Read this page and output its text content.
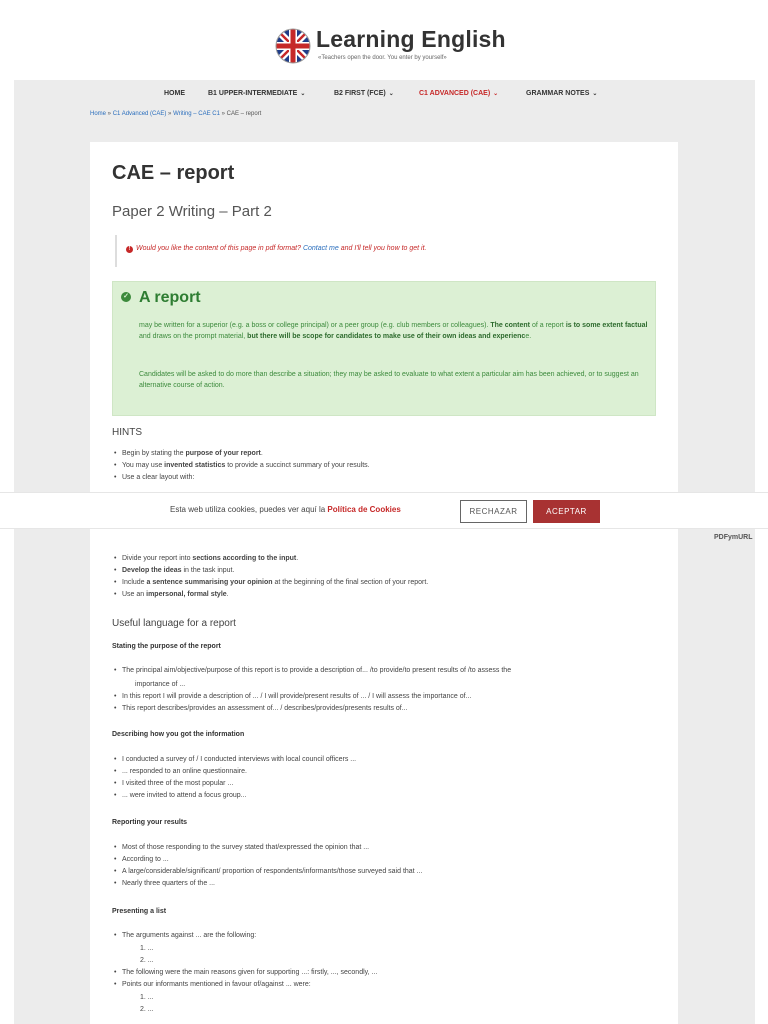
Learning English
«Teachers open the door. You enter by yourself»
HOME	B1 UPPER-INTERMEDIATE ⌄	B2 FIRST (FCE) ⌄	C1 ADVANCED (CAE) ⌄	GRAMMAR NOTES ⌄
Home » C1 Advanced (CAE) » Writing – CAE C1 » CAE – report
CAE – report
Paper 2 Writing – Part 2
! Would you like the content of this page in pdf format? Contact me and I'll tell you how to get it.
✓ A report
may be written for a superior (e.g. a boss or college principal) or a peer group (e.g. club members or colleagues). The content of a report is to some extent factual and draws on the prompt material, but there will be scope for candidates to make use of their own ideas and experience.
Candidates will be asked to do more than describe a situation; they may be asked to evaluate to what extent a particular aim has been achieved, or to suggest an alternative course of action.
HINTS
• Begin by stating the purpose of your report.
• You may use invented statistics to provide a succinct summary of your results.
• Use a clear layout with:
Esta web utiliza cookies, puedes ver aquí la Política de Cookies	RECHAZAR	ACEPTAR
PDFymURL
• Divide your report into sections according to the input.
• Develop the ideas in the task input.
• Include a sentence summarising your opinion at the beginning of the final section of your report.
• Use an impersonal, formal style.
Useful language for a report
Stating the purpose of the report
• The principal aim/objective/purpose of this report is to provide a description of... /to provide/to present results of /to assess the
importance of ...
• In this report I will provide a description of ... / I will provide/present results of ... / I will assess the importance of...
• This report describes/provides an assessment of... / describes/provides/presents results of...
Describing how you got the information
• I conducted a survey of / I conducted interviews with local council officers ...
• ... responded to an online questionnaire.
• I visited three of the most popular ...
• ... were invited to attend a focus group...
Reporting your results
• Most of those responding to the survey stated that/expressed the opinion that ...
• According to ...
• A large/considerable/significant/ proportion of respondents/informants/those surveyed said that ...
• Nearly three quarters of the ...
Presenting a list
• The arguments against ... are the following:
1. ...
2. ...
• The following were the main reasons given for supporting ...: firstly, ..., secondly, ...
• Points our informants mentioned in favour of/against ... were:
1. ...
2. ...
